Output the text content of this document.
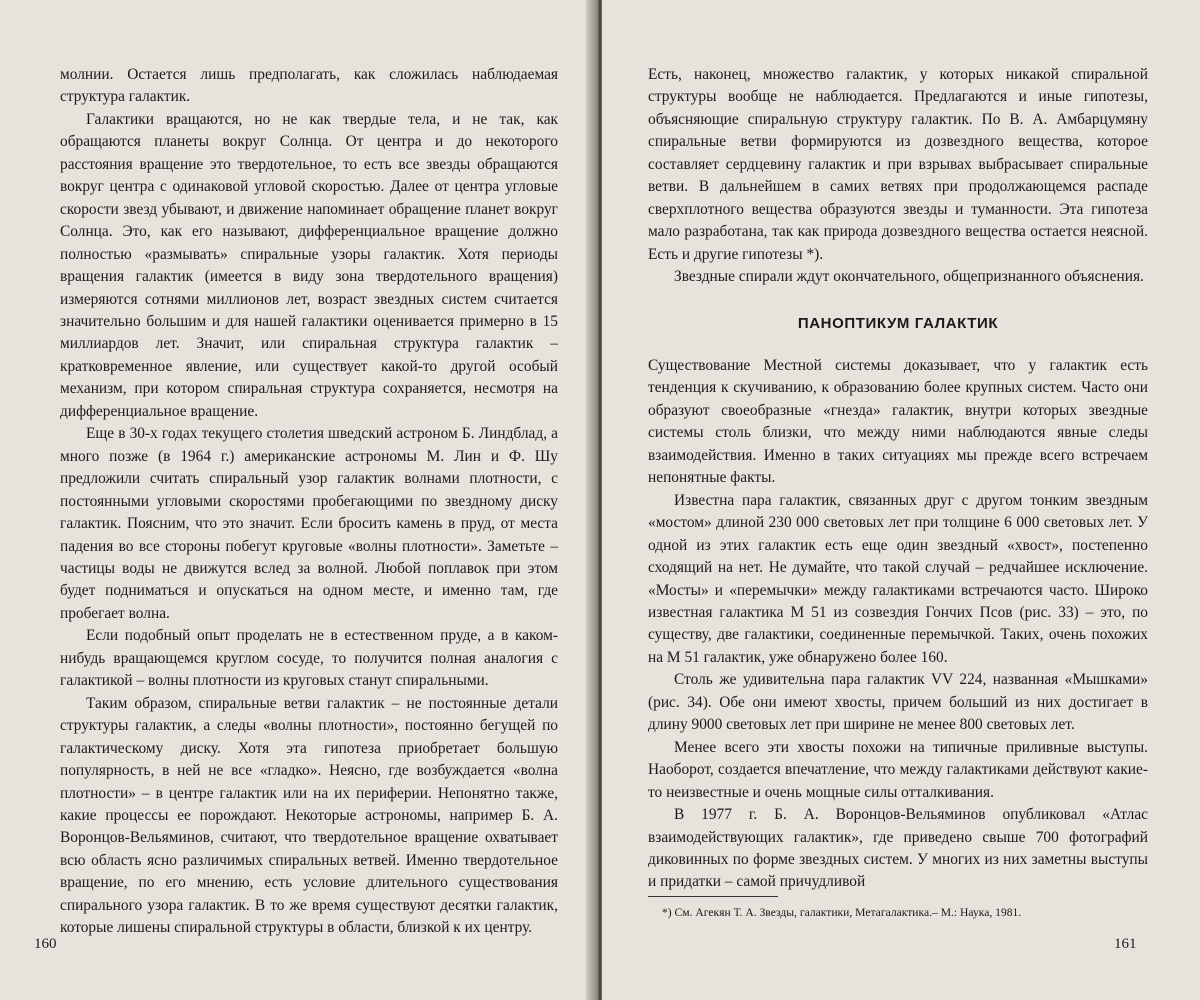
молнии. Остается лишь предполагать, как сложилась наблюдаемая структура галактик.

Галактики вращаются, но не как твердые тела, и не так, как обращаются планеты вокруг Солнца. От центра и до некоторого расстояния вращение это твердотельное, то есть все звезды обращаются вокруг центра с одинаковой угловой скоростью. Далее от центра угловые скорости звезд убывают, и движение напоминает обращение планет вокруг Солнца. Это, как его называют, дифференциальное вращение должно полностью «размывать» спиральные узоры галактик. Хотя периоды вращения галактик (имеется в виду зона твердотельного вращения) измеряются сотнями миллионов лет, возраст звездных систем считается значительно большим и для нашей галактики оценивается примерно в 15 миллиардов лет. Значит, или спиральная структура галактик – кратковременное явление, или существует какой-то другой особый механизм, при котором спиральная структура сохраняется, несмотря на дифференциальное вращение.

Еще в 30-х годах текущего столетия шведский астроном Б. Линдблад, а много позже (в 1964 г.) американские астрономы М. Лин и Ф. Шу предложили считать спиральный узор галактик волнами плотности, с постоянными угловыми скоростями пробегающими по звездному диску галактик. Поясним, что это значит. Если бросить камень в пруд, от места падения во все стороны побегут круговые «волны плотности». Заметьте – частицы воды не движутся вслед за волной. Любой поплавок при этом будет подниматься и опускаться на одном месте, и именно там, где пробегает волна.

Если подобный опыт проделать не в естественном пруде, а в каком-нибудь вращающемся круглом сосуде, то получится полная аналогия с галактикой – волны плотности из круговых станут спиральными.

Таким образом, спиральные ветви галактик – не постоянные детали структуры галактик, а следы «волны плотности», постоянно бегущей по галактическому диску. Хотя эта гипотеза приобретает большую популярность, в ней не все «гладко». Неясно, где возбуждается «волна плотности» – в центре галактик или на их периферии. Непонятно также, какие процессы ее порождают. Некоторые астрономы, например Б. А. Воронцов-Вельяминов, считают, что твердотельное вращение охватывает всю область ясно различимых спиральных ветвей. Именно твердотельное вращение, по его мнению, есть условие длительного существования спирального узора галактик. В то же время существуют десятки галактик, которые лишены спиральной структуры в области, близкой к их центру.

160

Есть, наконец, множество галактик, у которых никакой спиральной структуры вообще не наблюдается. Предлагаются и иные гипотезы, объясняющие спиральную структуру галактик. По В. А. Амбарцумяну спиральные ветви формируются из дозвездного вещества, которое составляет сердцевину галактик и при взрывах выбрасывает спиральные ветви. В дальнейшем в самих ветвях при продолжающемся распаде сверхплотного вещества образуются звезды и туманности. Эта гипотеза мало разработана, так как природа дозвездного вещества остается неясной. Есть и другие гипотезы *).

Звездные спирали ждут окончательного, общепризнанного объяснения.

ПАНОПТИКУМ ГАЛАКТИК

Существование Местной системы доказывает, что у галактик есть тенденция к скучиванию, к образованию более крупных систем. Часто они образуют своеобразные «гнезда» галактик, внутри которых звездные системы столь близки, что между ними наблюдаются явные следы взаимодействия. Именно в таких ситуациях мы прежде всего встречаем непонятные факты.

Известна пара галактик, связанных друг с другом тонким звездным «мостом» длиной 230 000 световых лет при толщине 6 000 световых лет. У одной из этих галактик есть еще один звездный «хвост», постепенно сходящий на нет. Не думайте, что такой случай – редчайшее исключение. «Мосты» и «перемычки» между галактиками встречаются часто. Широко известная галактика М 51 из созвездия Гончих Псов (рис. 33) – это, по существу, две галактики, соединенные перемычкой. Таких, очень похожих на М 51 галактик, уже обнаружено более 160.

Столь же удивительна пара галактик VV 224, названная «Мышками» (рис. 34). Обе они имеют хвосты, причем больший из них достигает в длину 9000 световых лет при ширине не менее 800 световых лет.

Менее всего эти хвосты похожи на типичные приливные выступы. Наоборот, создается впечатление, что между галактиками действуют какие-то неизвестные и очень мощные силы отталкивания.

В 1977 г. Б. А. Воронцов-Вельяминов опубликовал «Атлас взаимодействующих галактик», где приведено свыше 700 фотографий диковинных по форме звездных систем. У многих из них заметны выступы и придатки – самой причудливой

*) См. Агекян Т. А. Звезды, галактики, Метагалактика.– М.: Наука, 1981.
161
